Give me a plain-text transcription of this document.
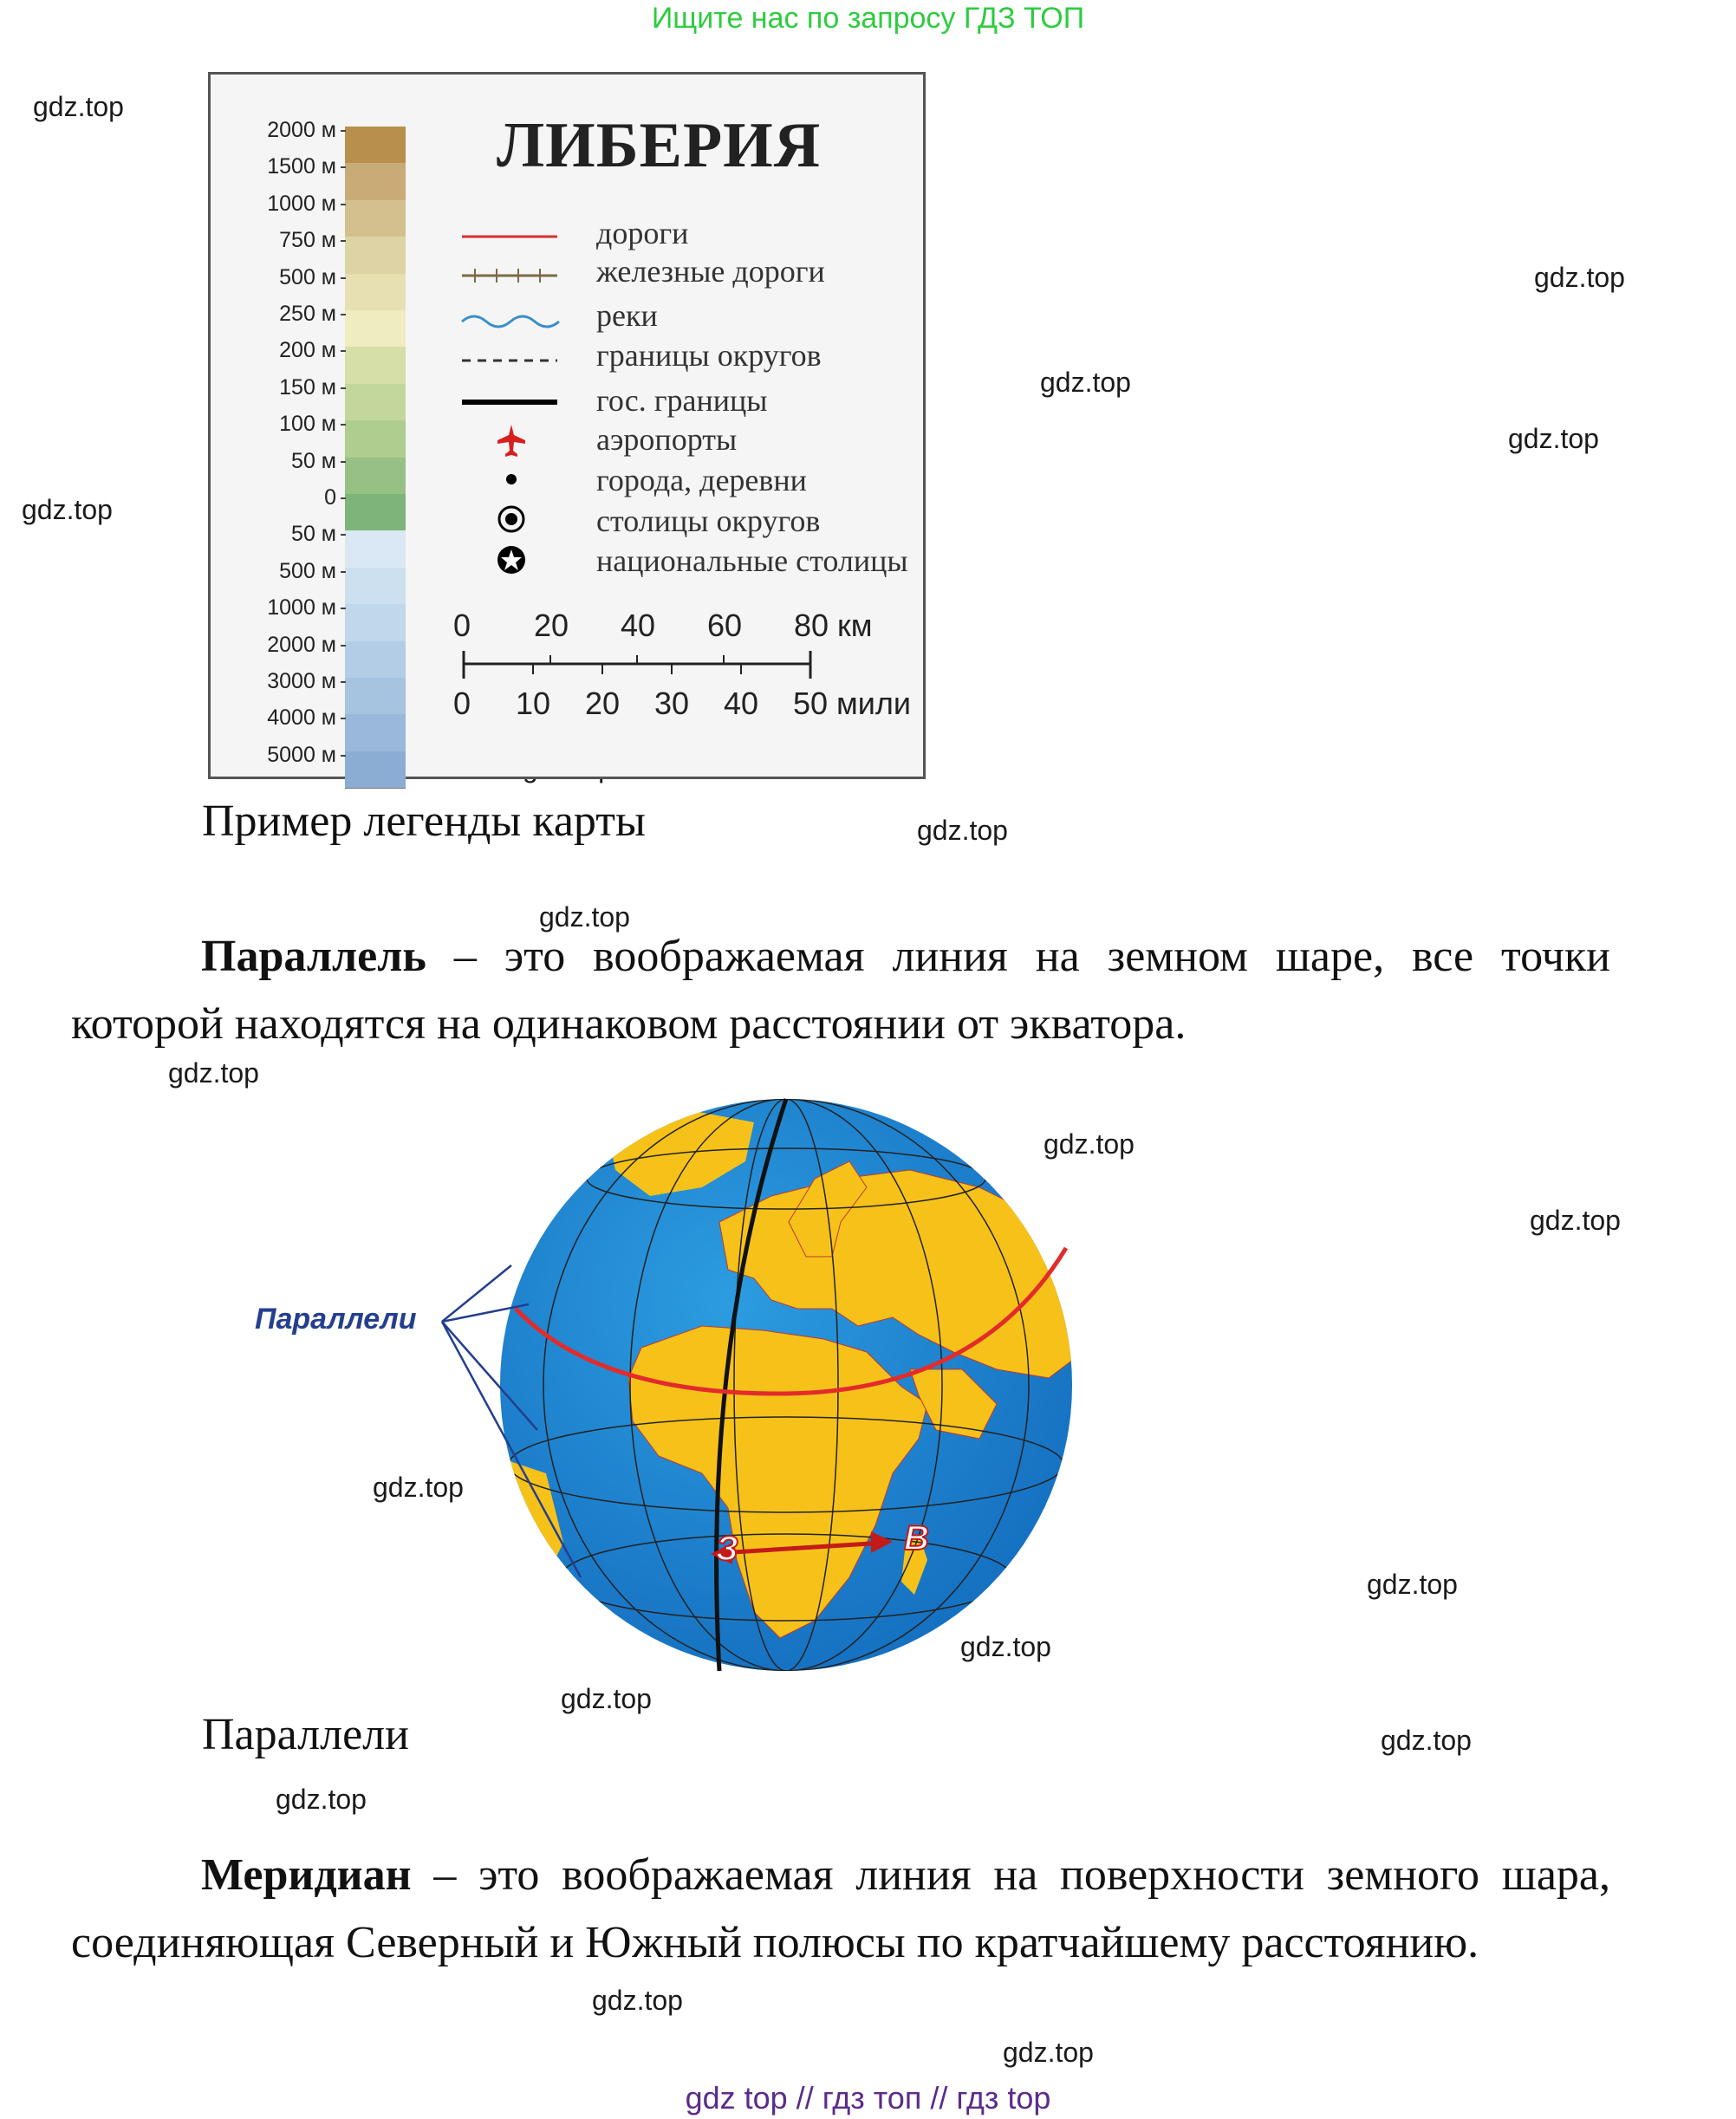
Ищите нас по запросу ГДЗ ТОП
gdz.top
gdz.top
gdz.top
gdz.top
gdz.top
gdz.top
gdz.top
gdz.top
gdz.top
gdz.top
gdz.top
gdz.top
gdz.top
gdz.top
gdz.top
gdz.top
gdz.top
gdz.top
ЛИБЕРИЯ
2000 м
1500 м
1000 м
750 м
500 м
250 м
200 м
150 м
100 м
50 м
0
50 м
500 м
1000 м
2000 м
3000 м
4000 м
5000 м
дороги
железные дороги
реки
границы округов
гос. границы
аэропорты
города, деревни
столицы округов
национальные столицы
0 20 40 60 80 км
0 10 20 30 40 50 мили
Пример легенды карты
Параллель – это воображаемая линия на земном шаре, все точки которой находятся на одинаковом расстоянии от экватора.
Параллели
З	В
Параллели
Меридиан – это воображаемая линия на поверхности земного шара, соединяющая Северный и Южный полюсы по кратчайшему расстоянию.
gdz top // гдз топ // гдз top
